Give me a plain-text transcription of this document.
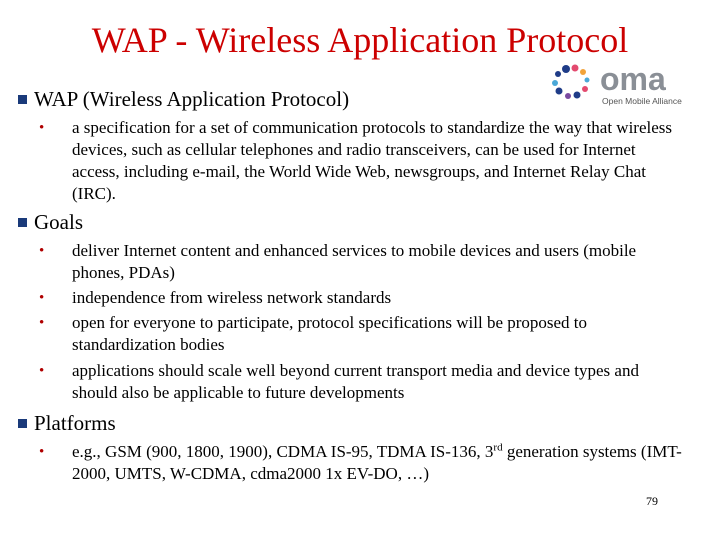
WAP - Wireless Application Protocol
oma
Open Mobile Alliance
WAP (Wireless Application Protocol)
•	a specification for a set of communication protocols to standardize the way that wireless devices, such as cellular telephones and radio transceivers, can be used for Internet access, including e-mail, the World Wide Web, newsgroups, and Internet Relay Chat (IRC).
Goals
•	deliver Internet content and enhanced services to mobile devices and users (mobile phones, PDAs)
•	independence from wireless network standards
•	open for everyone to participate, protocol specifications will be proposed to standardization bodies
•	applications should scale well beyond current transport media and device types and should also be applicable to future developments
Platforms
•	e.g., GSM (900, 1800, 1900), CDMA IS-95, TDMA IS-136, 3rd generation systems (IMT-2000, UMTS, W-CDMA, cdma2000 1x EV-DO, …)
79
